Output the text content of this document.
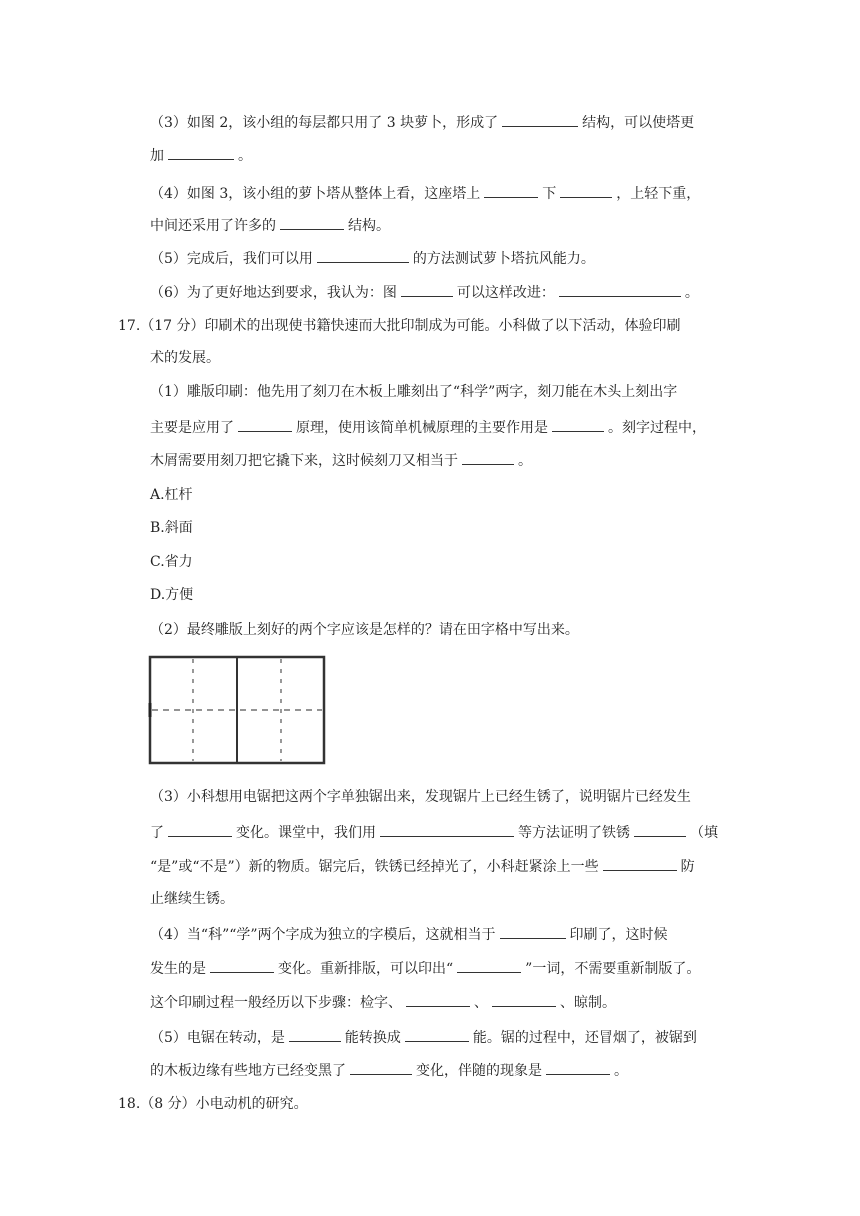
（3）如图 2，该小组的每层都只用了 3 块萝卜，形成了	结构，可以使塔更
加	。
（4）如图 3，该小组的萝卜塔从整体上看，这座塔上	下	，上轻下重，
中间还采用了许多的	结构。
（5）完成后，我们可以用	的方法测试萝卜塔抗风能力。
（6）为了更好地达到要求，我认为：图	可以这样改进：	。
17.（17 分）印刷术的出现使书籍快速而大批印制成为可能。小科做了以下活动，体验印刷
术的发展。
（1）雕版印刷：他先用了刻刀在木板上雕刻出了“科学”两字，刻刀能在木头上刻出字
主要是应用了	原理，使用该简单机械原理的主要作用是	。刻字过程中，
木屑需要用刻刀把它撬下来，这时候刻刀又相当于	。
A.杠杆
B.斜面
C.省力
D.方便
（2）最终雕版上刻好的两个字应该是怎样的？请在田字格中写出来。
（3）小科想用电锯把这两个字单独锯出来，发现锯片上已经生锈了，说明锯片已经发生
了	变化。课堂中，我们用	等方法证明了铁锈	（填
“是”或“不是”）新的物质。锯完后，铁锈已经掉光了，小科赶紧涂上一些	防
止继续生锈。
（4）当“科”“学”两个字成为独立的字模后，这就相当于	印刷了，这时候
发生的是	变化。重新排版，可以印出“	”一词，不需要重新制版了。
这个印刷过程一般经历以下步骤：检字、	、	、晾制。
（5）电锯在转动，是	能转换成	能。锯的过程中，还冒烟了，被锯到
的木板边缘有些地方已经变黑了	变化，伴随的现象是	。
18.（8 分）小电动机的研究。
